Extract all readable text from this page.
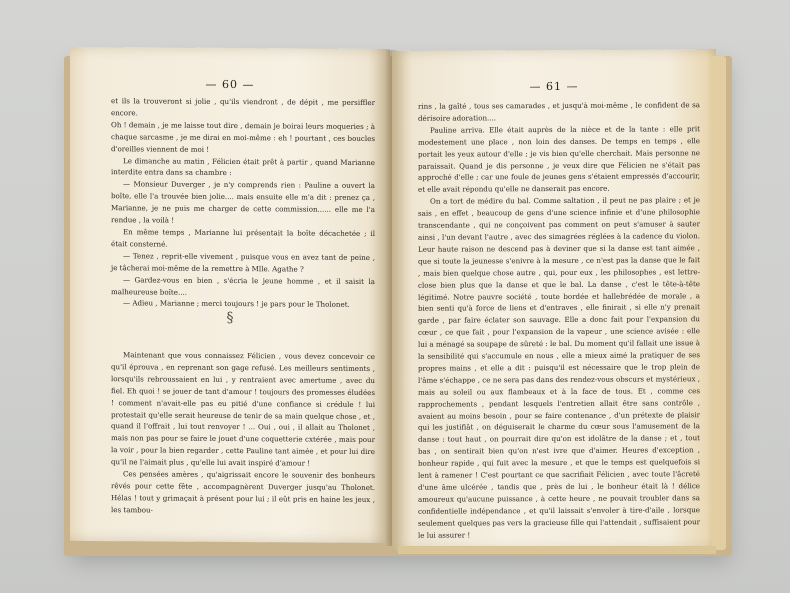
— 60 —

et ils la trouveront si jolie , qu'ils viendront , de dépit , me persiffler encore.

Oh ! demain , je me laisse tout dire , demain je boirai leurs moqueries ; à chaque sarcasme , je me dirai en moi-même : eh ! pourtant , ces boucles d'oreilles viennent de moi !

Le dimanche au matin , Félicien était prêt à partir , quand Marianne interdite entra dans sa chambre :

— Monsieur Duverger , je n'y comprends rien : Pauline a ouvert la boîte, elle l'a trouvée bien jolie.... mais ensuite elle m'a dit : prenez ça , Marianne, je ne puis me charger de cette commission...... elle me l'a rendue , la voilà !

En même temps , Marianne lui présentait la boîte décachetée ; il était consterné.

— Tenez , reprit-elle vivement , puisque vous en avez tant de peine , je tâcherai moi-même de la remettre à Mlle. Agathe ?

— Gardez-vous en bien , s'écria le jeune homme , et il saisit la malheureuse boîte....

— Adieu , Marianne ; merci toujours ! je pars pour le Tholonet.

§

Maintenant que vous connaissez Félicien , vous devez concevoir ce qu'il éprouva , en reprenant son gage refusé. Les meilleurs sentiments , lorsqu'ils rebroussaient en lui , y rentraient avec amertume , avec du fiel. Eh quoi ! se jouer de tant d'amour ! toujours des promesses éludées ! comment n'avait-elle pas eu pitié d'une confiance si crédule ! lui protestait qu'elle serait heureuse de tenir de sa main quelque chose , et , quand il l'offrait , lui tout renvoyer ! ... Oui , oui , il allait au Tholonet , mais non pas pour se faire le jouet d'une coquetterie cxtérée , mais pour la voir , pour la bien regarder , cette Pauline tant aimée , et pour lui dire qu'il ne l'aimait plus , qu'elle lui avait inspiré d'amour !

Ces pensées amères , qu'aigrissait encore le souvenir des bonheurs rêvés pour cette fête , accompagnèrent Duverger jusqu'au Tholonet. Hélas ! tout y grimaçait à présent pour lui ; il eût pris en haine les jeux , les tambou-

— 61 —

rins , la gaîté , tous ses camarades , et jusqu'à moi-même , le confident de sa dérisoire adoration....

Pauline arriva. Elle était auprès de la nièce et de la tante : elle prit modestement une place , non loin des danses. De temps en temps , elle portait les yeux autour d'elle ; je vis bien qu'elle cherchait. Mais personne ne paraissait. Quand je dis personne , je veux dire que Félicien ne s'était pas approché d'elle ; car une foule de jeunes gens s'étaient empressés d'accourir, et elle avait répondu qu'elle ne danserait pas encore.

On a tort de médire du bal. Comme saltation , il peut ne pas plaire ; et je sais , en effet , beaucoup de gens d'une science infinie et d'une philosophie transcendante , qui ne conçoivent pas comment on peut s'amuser à sauter ainsi , l'un devant l'autre , avec des simagrées réglées à la cadence du violon. Leur haute raison ne descend pas à deviner que si la danse est tant aimée , que si toute la jeunesse s'enivre à la mesure , ce n'est pas la danse que le fait , mais bien quelque chose autre , qui, pour eux , les philosophes , est lettre-close bien plus que la danse et que le bal. La danse , c'est le tête-à-tête légitimé. Notre pauvre société , toute bordée et hallebrédée de morale , a bien senti qu'à force de liens et d'entraves , elle finirait , si elle n'y prenait garde , par faire éclater son sauvage. Elle a donc fait pour l'expansion du cœur , ce que fait , pour l'expansion de la vapeur , une science avisée : elle lui a ménagé sa soupape de sûreté : le bal. Du moment qu'il fallait une issue à la sensibilité qui s'accumule en nous , elle a mieux aimé la pratiquer de ses propres mains , et elle a dit : puisqu'il est nécessaire que le trop plein de l'âme s'échappe , ce ne sera pas dans des rendez-vous obscurs et mystérieux , mais au soleil ou aux flambeaux et à la face de tous. Et , comme ces rapprochements , pendant lesquels l'entretien allait être sans contrôle , avaient au moins besoin , pour se faire contenance , d'un prétexte de plaisir qui les justifiât , on déguiserait le charme du cœur sous l'amusement de la danse : tout haut , on pourrait dire qu'on est idolâtre de la danse ; et , tout bas , on sentirait bien qu'on n'est ivre que d'aimer. Heures d'exception , bonheur rapide , qui fuit avec la mesure , et que le temps est quelquefois si lent à ramener ! C'est pourtant ce que sacrifiait Félicien , avec toute l'âcreté d'une âme ulcérée , tandis que , près de lui , le bonheur était là ! délice amoureux qu'aucune puissance , à cette heure , ne pouvait troubler dans sa confidentielle indépendance , et qu'il laissait s'envoler à tire-d'aile , lorsque seulement quelques pas vers la gracieuse fille qui l'attendait , suffisaient pour le lui assurer !
